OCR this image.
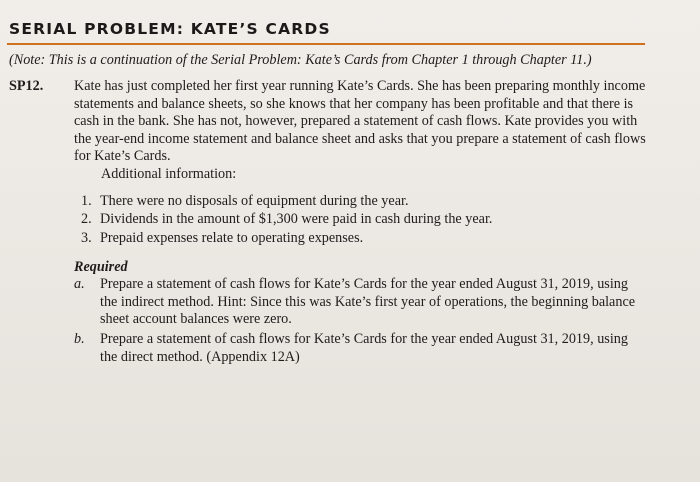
SERIAL PROBLEM: KATE’S CARDS
(Note: This is a continuation of the Serial Problem: Kate’s Cards from Chapter 1 through Chapter 11.)
SP12. Kate has just completed her first year running Kate’s Cards. She has been preparing monthly income
statements and balance sheets, so she knows that her company has been profitable and that there is
cash in the bank. She has not, however, prepared a statement of cash flows. Kate provides you with
the year-end income statement and balance sheet and asks that you prepare a statement of cash flows
for Kate’s Cards.
Additional information:
1. There were no disposals of equipment during the year.
2. Dividends in the amount of $1,300 were paid in cash during the year.
3. Prepaid expenses relate to operating expenses.
Required
a. Prepare a statement of cash flows for Kate’s Cards for the year ended August 31, 2019, using
the indirect method. Hint: Since this was Kate’s first year of operations, the beginning balance
sheet account balances were zero.
b. Prepare a statement of cash flows for Kate’s Cards for the year ended August 31, 2019, using
the direct method. (Appendix 12A)
